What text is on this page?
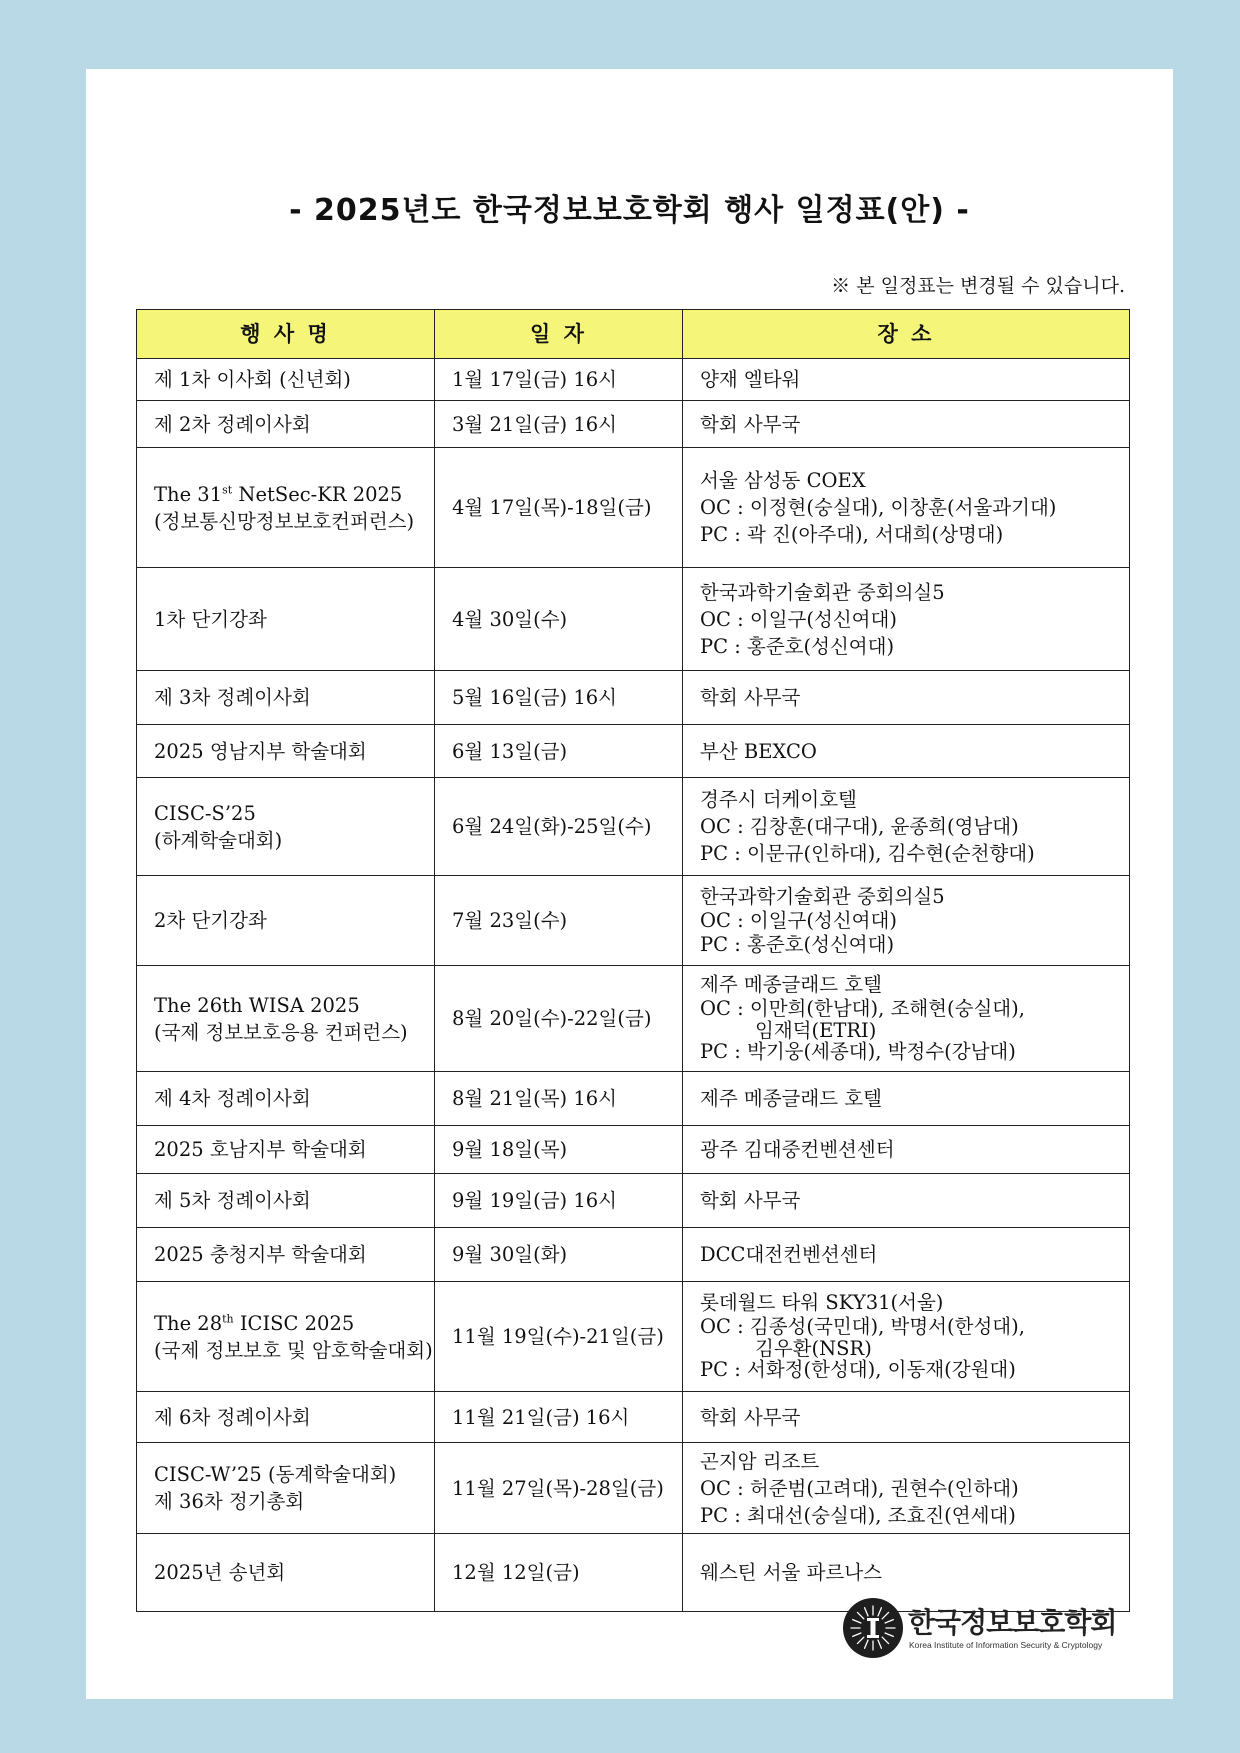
- 2025년도 한국정보보호학회 행사 일정표(안) -

※ 본 일정표는 변경될 수 있습니다.

행 사 명	일 자	장 소
제 1차 이사회 (신년회)	1월 17일(금) 16시	양재 엘타워

제 2차 정례이사회	3월 21일(금) 16시	학회 사무국

The 31st NetSec-KR 2025
(정보통신망정보보호컨퍼런스)	4월 17일(목)-18일(금)	서울 삼성동 COEX
OC : 이정현(숭실대), 이창훈(서울과기대)
PC : 곽 진(아주대), 서대희(상명대)

1차 단기강좌	4월 30일(수)	한국과학기술회관 중회의실5
OC : 이일구(성신여대)
PC : 홍준호(성신여대)

제 3차 정례이사회	5월 16일(금) 16시	학회 사무국

2025 영남지부 학술대회	6월 13일(금)	부산 BEXCO

CISC-S’25
(하계학술대회)	6월 24일(화)-25일(수)	경주시 더케이호텔
OC : 김창훈(대구대), 윤종희(영남대)
PC : 이문규(인하대), 김수현(순천향대)

2차 단기강좌	7월 23일(수)	한국과학기술회관 중회의실5
OC : 이일구(성신여대)
PC : 홍준호(성신여대)

The 26th WISA 2025
(국제 정보보호응용 컨퍼런스)	8월 20일(수)-22일(금)	제주 메종글래드 호텔
OC : 이만희(한남대), 조해현(숭실대),
임재덕(ETRI)
PC : 박기웅(세종대), 박정수(강남대)

제 4차 정례이사회	8월 21일(목) 16시	제주 메종글래드 호텔

2025 호남지부 학술대회	9월 18일(목)	광주 김대중컨벤션센터

제 5차 정례이사회	9월 19일(금) 16시	학회 사무국

2025 충청지부 학술대회	9월 30일(화)	DCC대전컨벤션센터

The 28th ICISC 2025
(국제 정보보호 및 암호학술대회)	11월 19일(수)-21일(금)	롯데월드 타워 SKY31(서울)
OC : 김종성(국민대), 박명서(한성대),
김우환(NSR)
PC : 서화정(한성대), 이동재(강원대)

제 6차 정례이사회	11월 21일(금) 16시	학회 사무국

CISC-W’25 (동계학술대회)
제 36차 정기총회	11월 27일(목)-28일(금)	곤지암 리조트
OC : 허준범(고려대), 권현수(인하대)
PC : 최대선(숭실대), 조효진(연세대)

2025년 송년회	12월 12일(금)	웨스틴 서울 파르나스
한국정보보호학회
Korea Institute of Information Security & Cryptology
